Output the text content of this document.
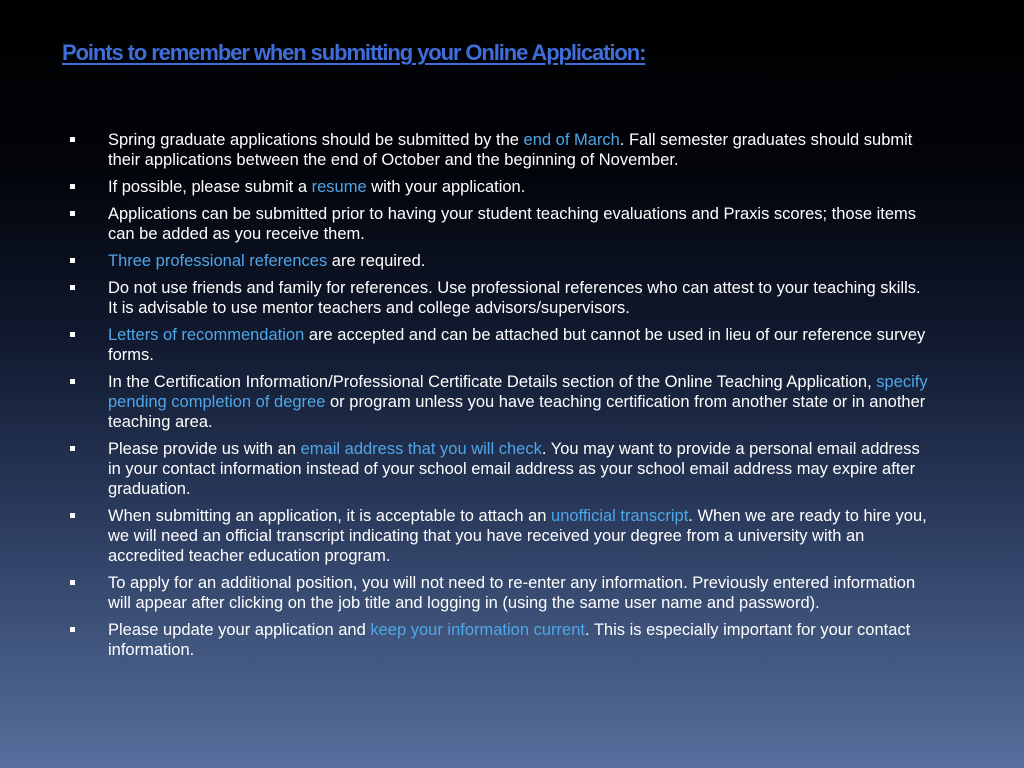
Points to remember when submitting your Online Application:
Spring graduate applications should be submitted by the end of March. Fall semester graduates should submit their applications between the end of October and the beginning of November.
If possible, please submit a resume with your application.
Applications can be submitted prior to having your student teaching evaluations and Praxis scores; those items can be added as you receive them.
Three professional references are required.
Do not use friends and family for references. Use professional references who can attest to your teaching skills. It is advisable to use mentor teachers and college advisors/supervisors.
Letters of recommendation are accepted and can be attached but cannot be used in lieu of our reference survey forms.
In the Certification Information/Professional Certificate Details section of the Online Teaching Application, specify pending completion of degree or program unless you have teaching certification from another state or in another teaching area.
Please provide us with an email address that you will check. You may want to provide a personal email address in your contact information instead of your school email address as your school email address may expire after graduation.
When submitting an application, it is acceptable to attach an unofficial transcript. When we are ready to hire you, we will need an official transcript indicating that you have received your degree from a university with an accredited teacher education program.
To apply for an additional position, you will not need to re-enter any information. Previously entered information will appear after clicking on the job title and logging in (using the same user name and password).
Please update your application and keep your information current. This is especially important for your contact information.
